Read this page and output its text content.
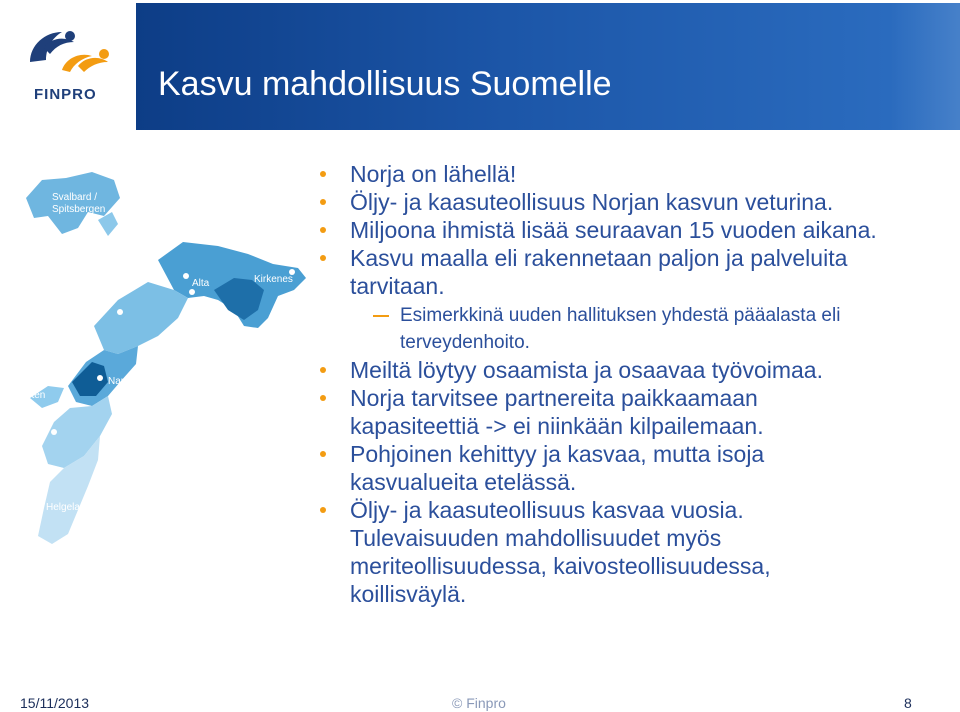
FINPRO Kasvu mahdollisuus Suomelle
Svalbard /
Spitsbergen
Nordkapp
Alta	Kirkenes
Tromsø
Narvik
Lofoten
Bodø
Helgeland
Norja on lähellä!
Öljy- ja kaasuteollisuus Norjan kasvun veturina.
Miljoona ihmistä lisää seuraavan 15 vuoden aikana.
Kasvu maalla eli rakennetaan paljon ja palveluita tarvitaan.
Esimerkkinä uuden hallituksen yhdestä pääalasta eli terveydenhoito.
Meiltä löytyy osaamista ja osaavaa työvoimaa.
Norja tarvitsee partnereita paikkaamaan kapasiteettiä -> ei niinkään kilpailemaan.
Pohjoinen kehittyy ja kasvaa, mutta isoja kasvualueita etelässä.
Öljy- ja kaasuteollisuus kasvaa vuosia. Tulevaisuuden mahdollisuudet myös meriteollisuudessa, kaivosteollisuudessa, koillisväylä.
15/11/2013	© Finpro	8
